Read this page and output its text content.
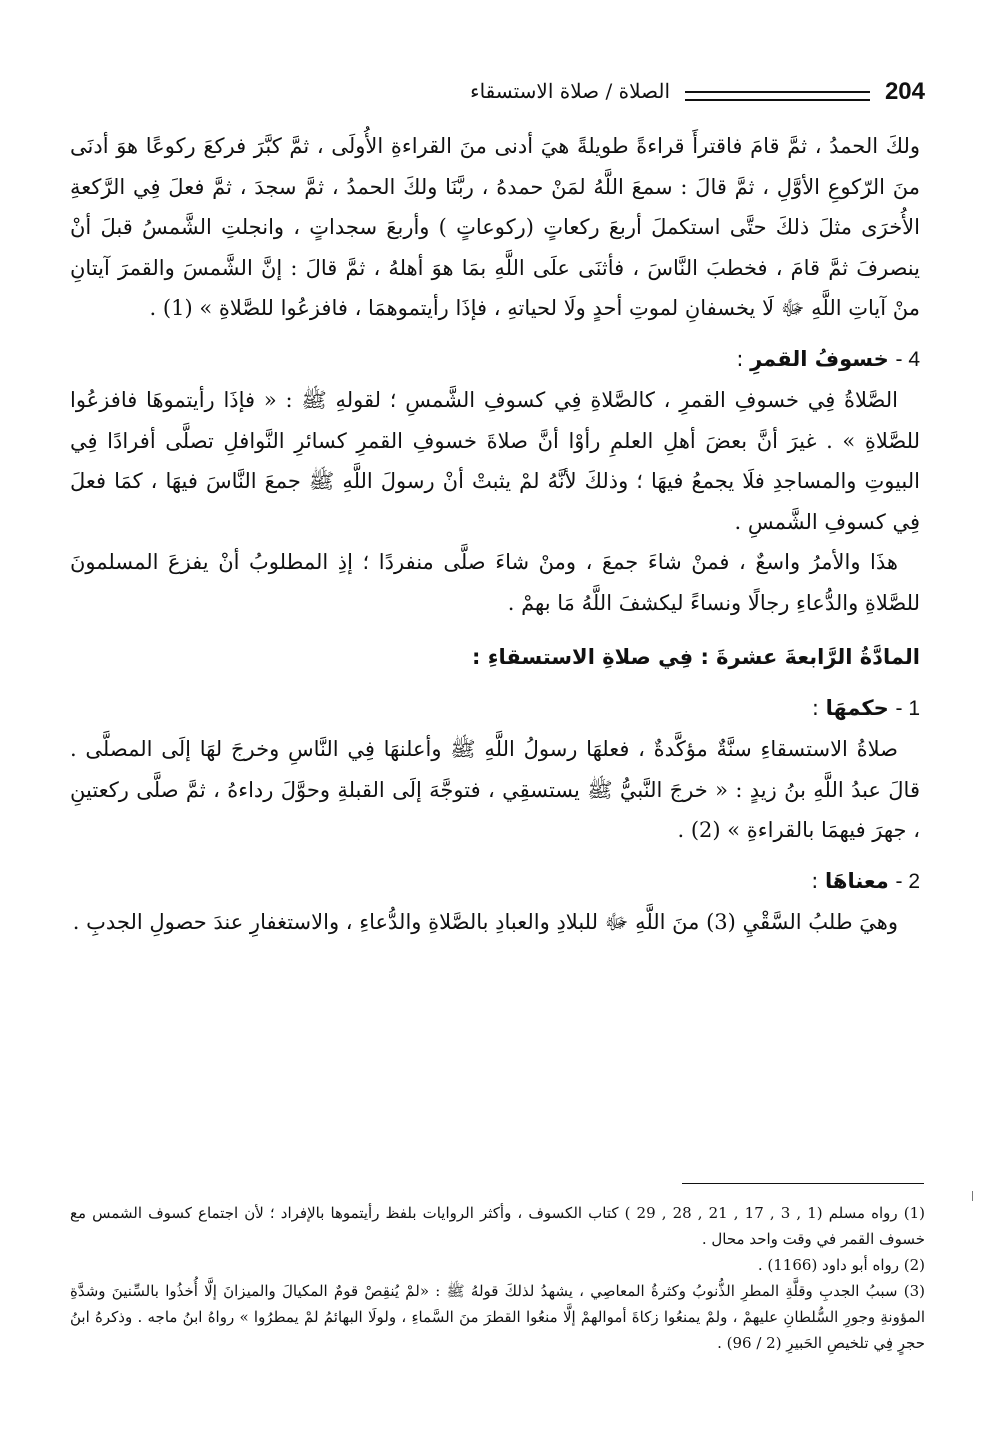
204
الصلاة / صلاة الاستسقاء

ولكَ الحمدُ ، ثمَّ قامَ فاقترأَ قراءةً طويلةً هيَ أدنى منَ القراءةِ الأُولَى ، ثمَّ كبَّرَ فركعَ ركوعًا هوَ أدنَى منَ الرّكوعِ الأوَّلِ ، ثمَّ قالَ : سمعَ اللَّهُ لمَنْ حمدهُ ، ربَّنَا ولكَ الحمدُ ، ثمَّ سجدَ ، ثمَّ فعلَ فِي الرَّكعةِ الأُخرَى مثلَ ذلكَ حتَّى استكملَ أربعَ ركعاتٍ (ركوعاتٍ ) وأربعَ سجداتٍ ، وانجلتِ الشَّمسُ قبلَ أنْ ينصرفَ ثمَّ قامَ ، فخطبَ النَّاسَ ، فأثنَى علَى اللَّهِ بمَا هوَ أهلهُ ، ثمَّ قالَ : إنَّ الشَّمسَ والقمرَ آيتانِ منْ آياتِ اللَّهِ ﷻ لَا يخسفانِ لموتِ أحدٍ ولَا لحياتهِ ، فإذَا رأيتموهمَا ، فافزعُوا للصَّلاةِ » (1) .

4 - خسوفُ القمرِ :

الصَّلاةُ فِي خسوفِ القمرِ ، كالصَّلاةِ فِي كسوفِ الشَّمسِ ؛ لقولهِ ﷺ : « فإذَا رأيتموهَا فافزعُوا للصَّلاةِ » . غيرَ أنَّ بعضَ أهلِ العلمِ رأوْا أنَّ صلاةَ خسوفِ القمرِ كسائرِ النَّوافلِ تصلَّى أفرادًا فِي البيوتِ والمساجدِ فلَا يجمعُ فيهَا ؛ وذلكَ لأنَّهُ لمْ يثبتْ أنْ رسولَ اللَّهِ ﷺ جمعَ النَّاسَ فيهَا ، كمَا فعلَ فِي كسوفِ الشَّمسِ .

هذَا والأمرُ واسعٌ ، فمنْ شاءَ جمعَ ، ومنْ شاءَ صلَّى منفردًا ؛ إذِ المطلوبُ أنْ يفزعَ المسلمونَ للصَّلاةِ والدُّعاءِ رجالًا ونساءً ليكشفَ اللَّهُ مَا بهمْ .

المادَّةُ الرَّابعةَ عشرةَ : فِي صلاةِ الاستسقاءِ :

1 - حكمهَا :

صلاةُ الاستسقاءِ سنَّةٌ مؤكَّدةٌ ، فعلهَا رسولُ اللَّهِ ﷺ وأعلنهَا فِي النَّاسِ وخرجَ لهَا إلَى المصلَّى . قالَ عبدُ اللَّهِ بنُ زيدٍ : « خرجَ النَّبيُّ ﷺ يستسقِي ، فتوجَّهَ إلَى القبلةِ وحوَّلَ رداءهُ ، ثمَّ صلَّى ركعتينِ ، جهرَ فيهمَا بالقراءةِ » (2) .

2 - معناهَا :

وهيَ طلبُ السَّقْيِ (3) منَ اللَّهِ ﷻ للبلادِ والعبادِ بالصَّلاةِ والدُّعاءِ ، والاستغفارِ عندَ حصولِ الجدبِ .

(1) رواه مسلم (1 , 3 , 17 , 21 , 28 , 29 ) كتاب الكسوف ، وأكثر الروايات بلفظ رأيتموها بالإفراد ؛ لأن اجتماع كسوف الشمس مع خسوف القمر في وقت واحد محال .

(2) رواه أبو داود (1166) .

(3) سببُ الجدبِ وقلَّةِ المطرِ الذُّنوبُ وكثرةُ المعاصِي ، يشهدُ لذلكَ قولهُ ﷺ : «لمْ يُنقِصْ قومٌ المكيالَ والميزانَ إلَّا أُخذُوا بالسِّنينَ وشدَّةِ المؤونةِ وجورِ السُّلطانِ عليهمْ ، ولمْ يمنعُوا زكاةَ أموالهمْ إلَّا منعُوا القطرَ منَ السَّماءِ ، ولولَا البهائمُ لمْ يمطرُوا » رواهُ ابنُ ماجه . وذكرهُ ابنُ حجرٍ فِي تلخيصِ الحَبيرِ (2 / 96) .
